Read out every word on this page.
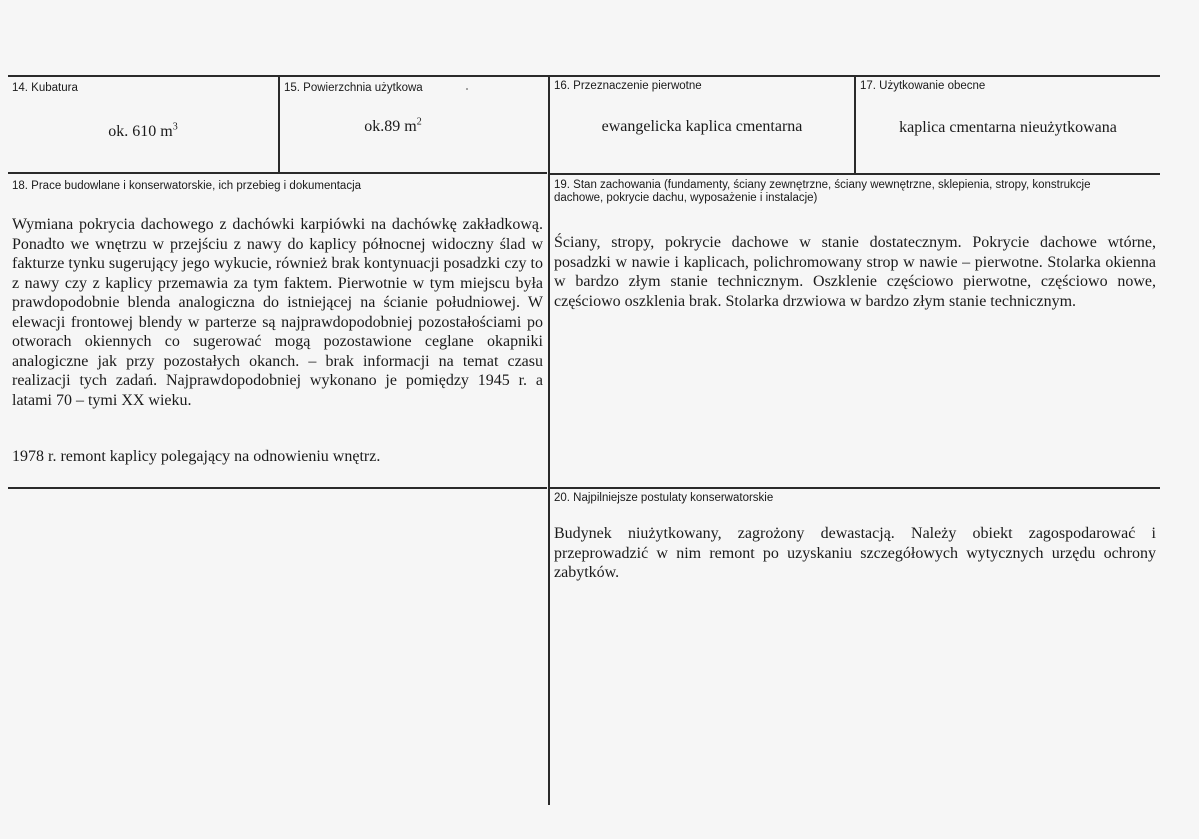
14. Kubatura
ok. 610 $m^3$
15. Powierzchnia użytkowa
ok.89 $m^2$
16. Przeznaczenie pierwotne
ewangelicka kaplica cmentarna
17. Użytkowanie obecne
kaplica cmentarna nieużytkowana
18. Prace budowlane i konserwatorskie, ich przebieg i dokumentacja
Wymiana pokrycia dachowego z dachówki karpiówki na dachówkę zakładkową. Ponadto we wnętrzu w przejściu z nawy do kaplicy północnej widoczny ślad w fakturze tynku sugerujący jego wykucie, również brak kontynuacji posadzki czy to z nawy czy z kaplicy przemawia za tym faktem. Pierwotnie w tym miejscu była prawdopodobnie blenda analogiczna do istniejącej na ścianie południowej. W elewacji frontowej blendy w parterze są najprawdopodobniej pozostałościami po otworach okiennych co sugerować mogą pozostawione ceglane okapniki analogiczne jak przy pozostałych okanch. – brak informacji na temat czasu realizacji tych zadań. Najprawdopodobniej wykonano je pomiędzy 1945 r. a latami 70 – tymi XX wieku.
1978 r. remont kaplicy polegający na odnowieniu wnętrz.
19. Stan zachowania (fundamenty, ściany zewnętrzne, ściany wewnętrzne, sklepienia, stropy, konstrukcje dachowe, pokrycie dachu, wyposażenie i instalacje)
Ściany, stropy, pokrycie dachowe w stanie dostatecznym. Pokrycie dachowe wtórne, posadzki w nawie i kaplicach, polichromowany strop w nawie – pierwotne. Stolarka okienna w bardzo złym stanie technicznym. Oszklenie częściowo pierwotne, częściowo nowe, częściowo oszklenia brak. Stolarka drzwiowa w bardzo złym stanie technicznym.
20. Najpilniejsze postulaty konserwatorskie
Budynek niużytkowany, zagrożony dewastacją. Należy obiekt zagospodarować i przeprowadzić w nim remont po uzyskaniu szczegółowych wytycznych urzędu ochrony zabytków.
